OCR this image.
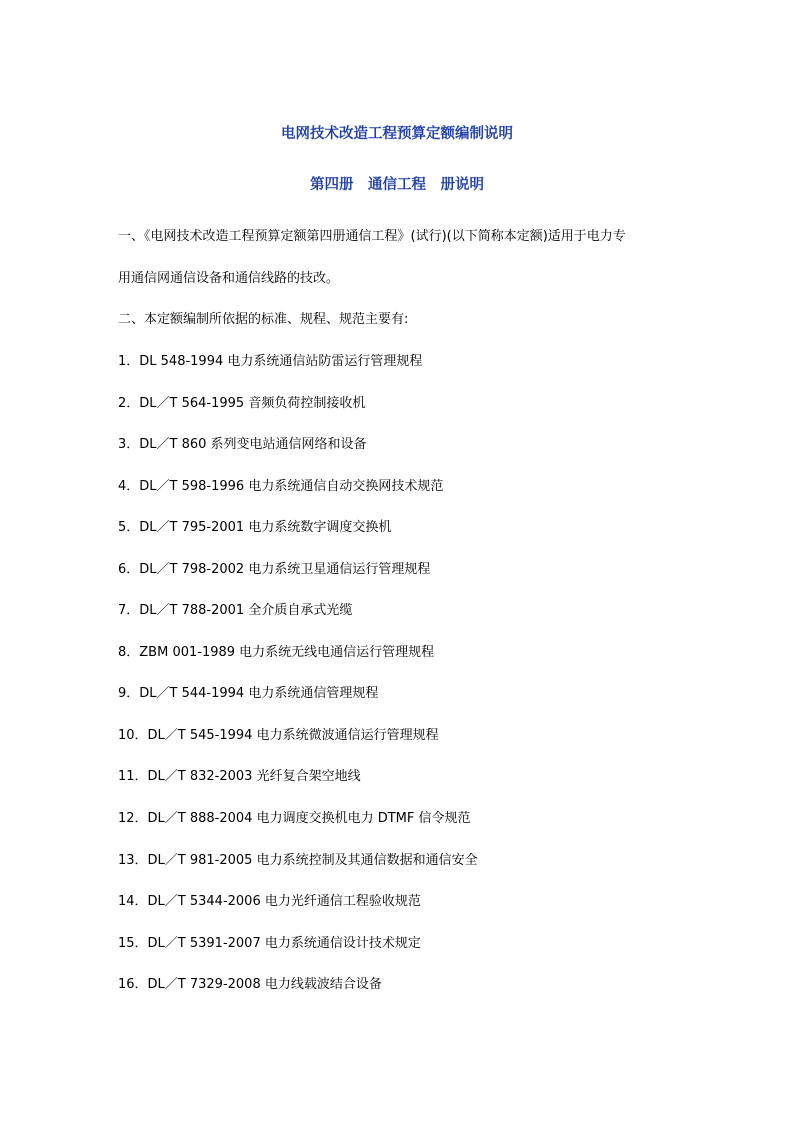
电网技术改造工程预算定额编制说明
第四册　通信工程　册说明
一、《电网技术改造工程预算定额第四册通信工程》(试行)(以下简称本定额)适用于电力专
用通信网通信设备和通信线路的技改。
二、本定额编制所依据的标准、规程、规范主要有:
1．DL 548-1994 电力系统通信站防雷运行管理规程
2．DL／T 564-1995 音频负荷控制接收机
3．DL／T 860 系列变电站通信网络和设备
4．DL／T 598-1996 电力系统通信自动交换网技术规范
5．DL／T 795-2001 电力系统数字调度交换机
6．DL／T 798-2002 电力系统卫星通信运行管理规程
7．DL／T 788-2001 全介质自承式光缆
8．ZBM 001-1989 电力系统无线电通信运行管理规程
9．DL／T 544-1994 电力系统通信管理规程
10．DL／T 545-1994 电力系统微波通信运行管理规程
11．DL／T 832-2003 光纤复合架空地线
12．DL／T 888-2004 电力调度交换机电力 DTMF 信令规范
13．DL／T 981-2005 电力系统控制及其通信数据和通信安全
14．DL／T 5344-2006 电力光纤通信工程验收规范
15．DL／T 5391-2007 电力系统通信设计技术规定
16．DL／T 7329-2008 电力线载波结合设备
